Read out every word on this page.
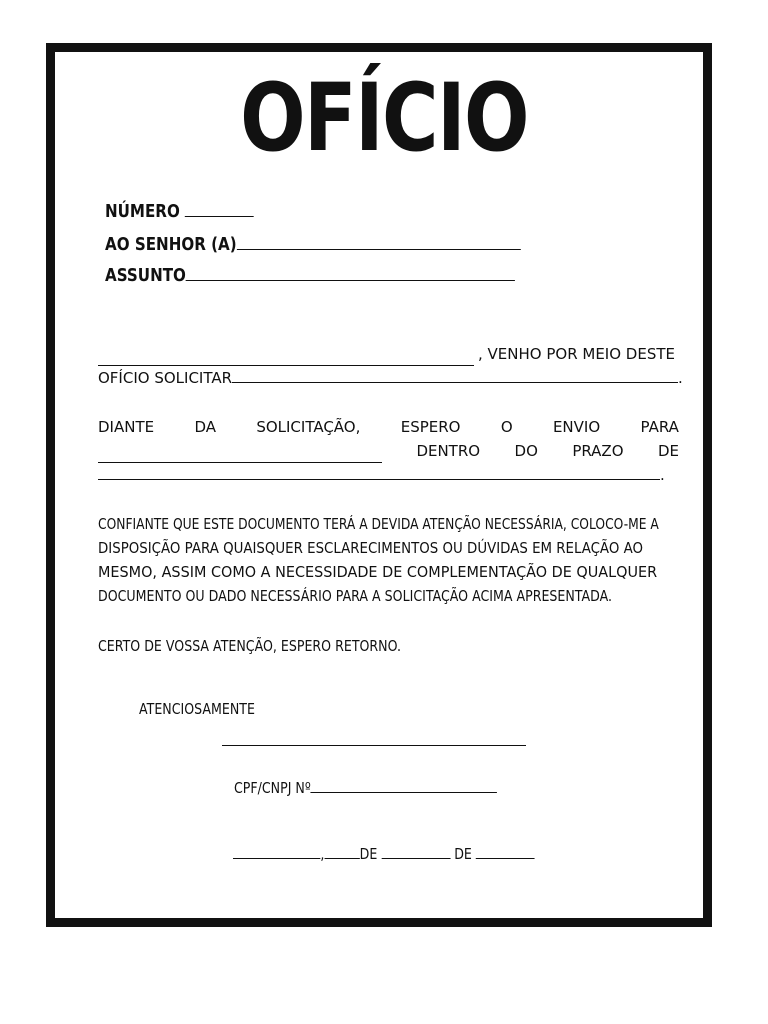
OFÍCIO
NÚMERO
AO SENHOR (A)
ASSUNTO
, VENHO POR MEIO DESTE
OFÍCIO SOLICITAR	.
DIANTE	DA	SOLICITAÇÃO,	ESPERO	O	ENVIO	PARA
DENTRO DO PRAZO DE
.
CONFIANTE QUE ESTE DOCUMENTO TERÁ A DEVIDA ATENÇÃO NECESSÁRIA, COLOCO-ME A
DISPOSIÇÃO PARA QUAISQUER ESCLARECIMENTOS OU DÚVIDAS EM RELAÇÃO AO
MESMO, ASSIM COMO A NECESSIDADE DE COMPLEMENTAÇÃO DE QUALQUER
DOCUMENTO OU DADO NECESSÁRIO PARA A SOLICITAÇÃO ACIMA APRESENTADA.
CERTO DE VOSSA ATENÇÃO, ESPERO RETORNO.
ATENCIOSAMENTE
CPF/CNPJ Nº
, DE	DE
